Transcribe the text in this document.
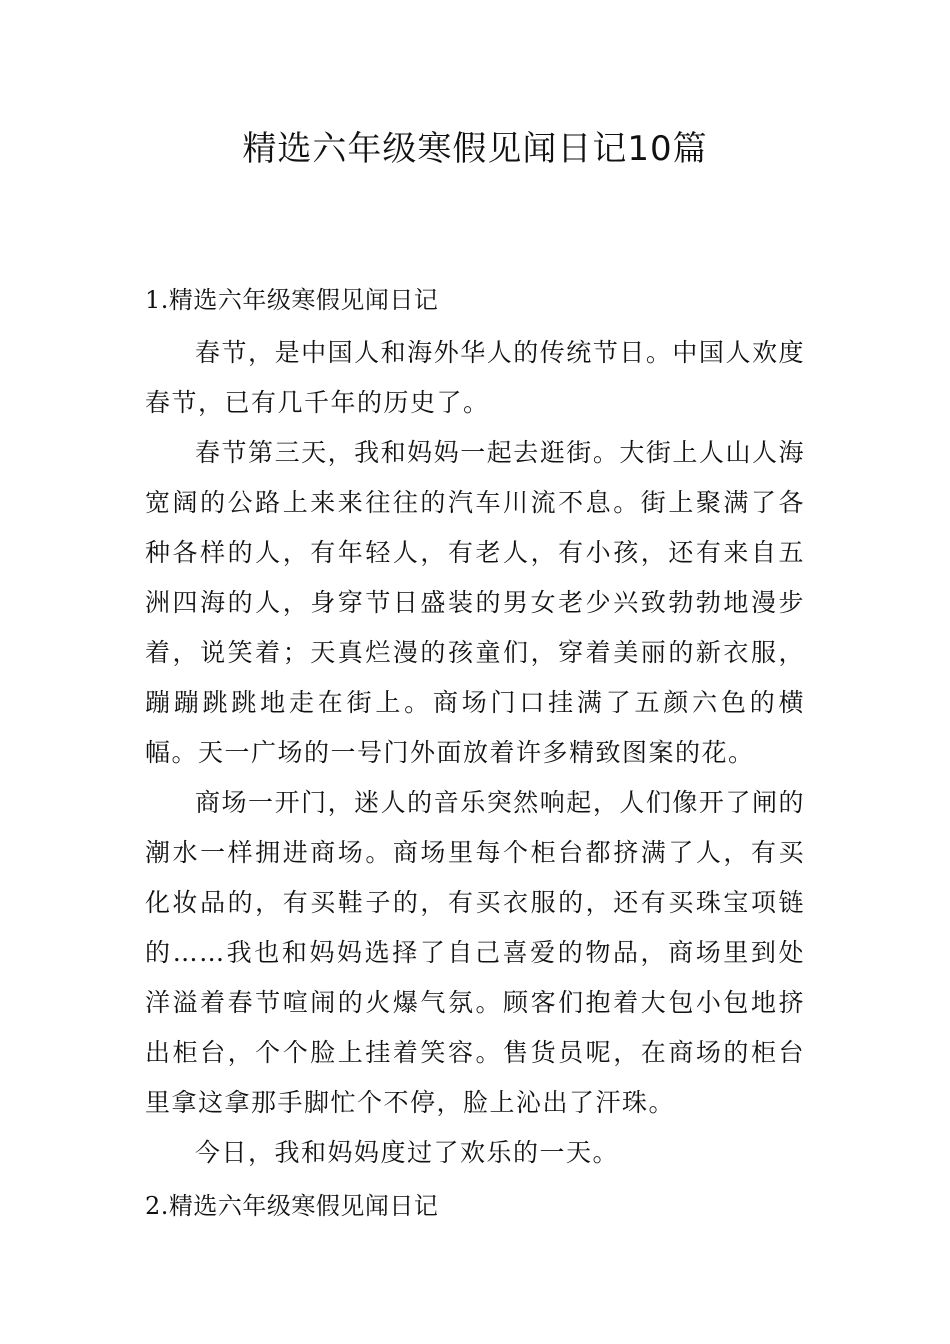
精选六年级寒假见闻日记10篇
1.精选六年级寒假见闻日记

春节，是中国人和海外华人的传统节日。中国人欢度春节，已有几千年的历史了。

春节第三天，我和妈妈一起去逛街。大街上人山人海宽阔的公路上来来往往的汽车川流不息。街上聚满了各种各样的人，有年轻人，有老人，有小孩，还有来自五洲四海的人，身穿节日盛装的男女老少兴致勃勃地漫步着，说笑着；天真烂漫的孩童们，穿着美丽的新衣服，蹦蹦跳跳地走在街上。商场门口挂满了五颜六色的横幅。天一广场的一号门外面放着许多精致图案的花。

商场一开门，迷人的音乐突然响起，人们像开了闸的潮水一样拥进商场。商场里每个柜台都挤满了人，有买化妆品的，有买鞋子的，有买衣服的，还有买珠宝项链的……我也和妈妈选择了自己喜爱的物品，商场里到处洋溢着春节喧闹的火爆气氛。顾客们抱着大包小包地挤出柜台，个个脸上挂着笑容。售货员呢，在商场的柜台里拿这拿那手脚忙个不停，脸上沁出了汗珠。

今日，我和妈妈度过了欢乐的一天。

2.精选六年级寒假见闻日记
